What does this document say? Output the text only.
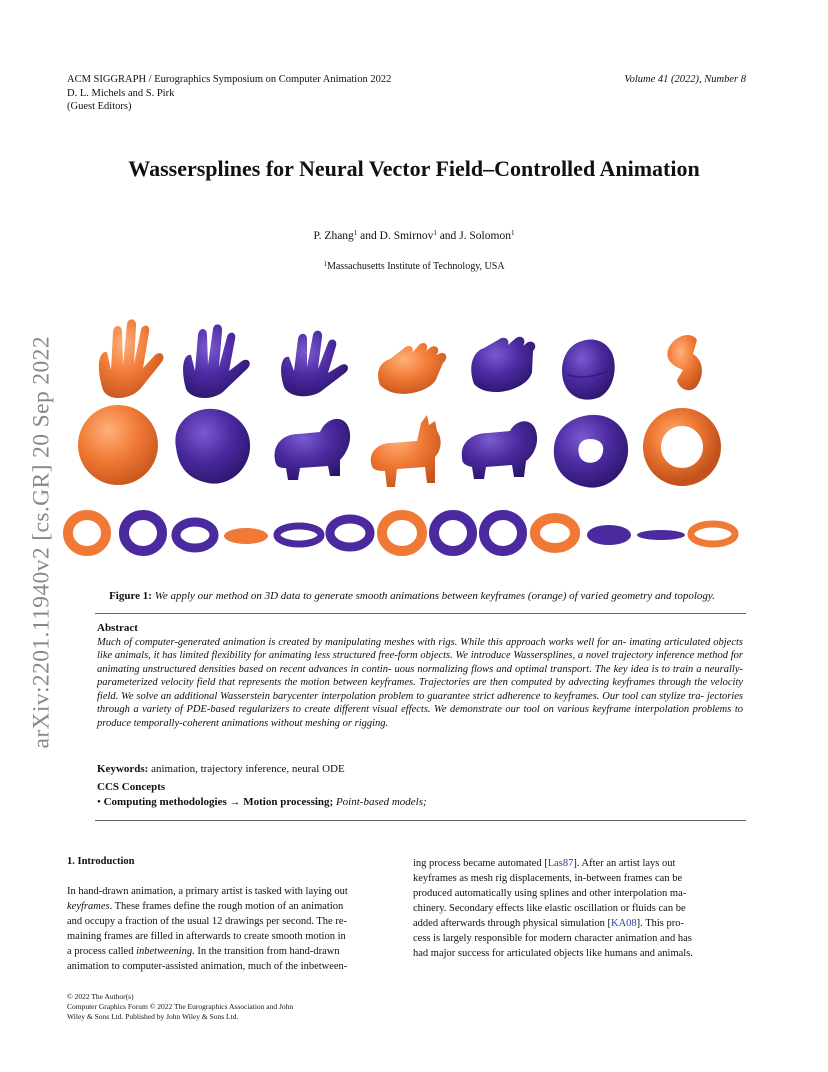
ACM SIGGRAPH / Eurographics Symposium on Computer Animation 2022
D. L. Michels and S. Pirk
(Guest Editors)
Volume 41 (2022), Number 8
arXiv:2201.11940v2 [cs.GR] 20 Sep 2022
Wassersplines for Neural Vector Field–Controlled Animation
P. Zhang$^1$ and D. Smirnov$^1$ and J. Solomon$^1$
$^1$Massachusetts Institute of Technology, USA
Figure 1: We apply our method on 3D data to generate smooth animations between keyframes (orange) of varied geometry and topology.
Abstract

Much of computer-generated animation is created by manipulating meshes with rigs. While this approach works well for an- imating articulated objects like animals, it has limited flexibility for animating less structured free-form objects. We introduce Wassersplines, a novel trajectory inference method for animating unstructured densities based on recent advances in contin- uous normalizing flows and optimal transport. The key idea is to train a neurally-parameterized velocity field that represents the motion between keyframes. Trajectories are then computed by advecting keyframes through the velocity field. We solve an additional Wasserstein barycenter interpolation problem to guarantee strict adherence to keyframes. Our tool can stylize tra- jectories through a variety of PDE-based regularizers to create different visual effects. We demonstrate our tool on various keyframe interpolation problems to produce temporally-coherent animations without meshing or rigging.

Keywords: animation, trajectory inference, neural ODE
CCS Concepts
• Computing methodologies → Motion processing; Point-based models;
1. Introduction
In hand-drawn animation, a primary artist is tasked with laying out
keyframes. These frames define the rough motion of an animation
and occupy a fraction of the usual 12 drawings per second. The re-
maining frames are filled in afterwards to create smooth motion in
a process called inbetweening. In the transition from hand-drawn
animation to computer-assisted animation, much of the inbetween-
ing process became automated [Las87]. After an artist lays out
keyframes as mesh rig displacements, in-between frames can be
produced automatically using splines and other interpolation ma-
chinery. Secondary effects like elastic oscillation or fluids can be
added afterwards through physical simulation [KA08]. This pro-
cess is largely responsible for modern character animation and has
had major success for articulated objects like humans and animals.
© 2022 The Author(s)
Computer Graphics Forum © 2022 The Eurographics Association and John
Wiley & Sons Ltd. Published by John Wiley & Sons Ltd.
